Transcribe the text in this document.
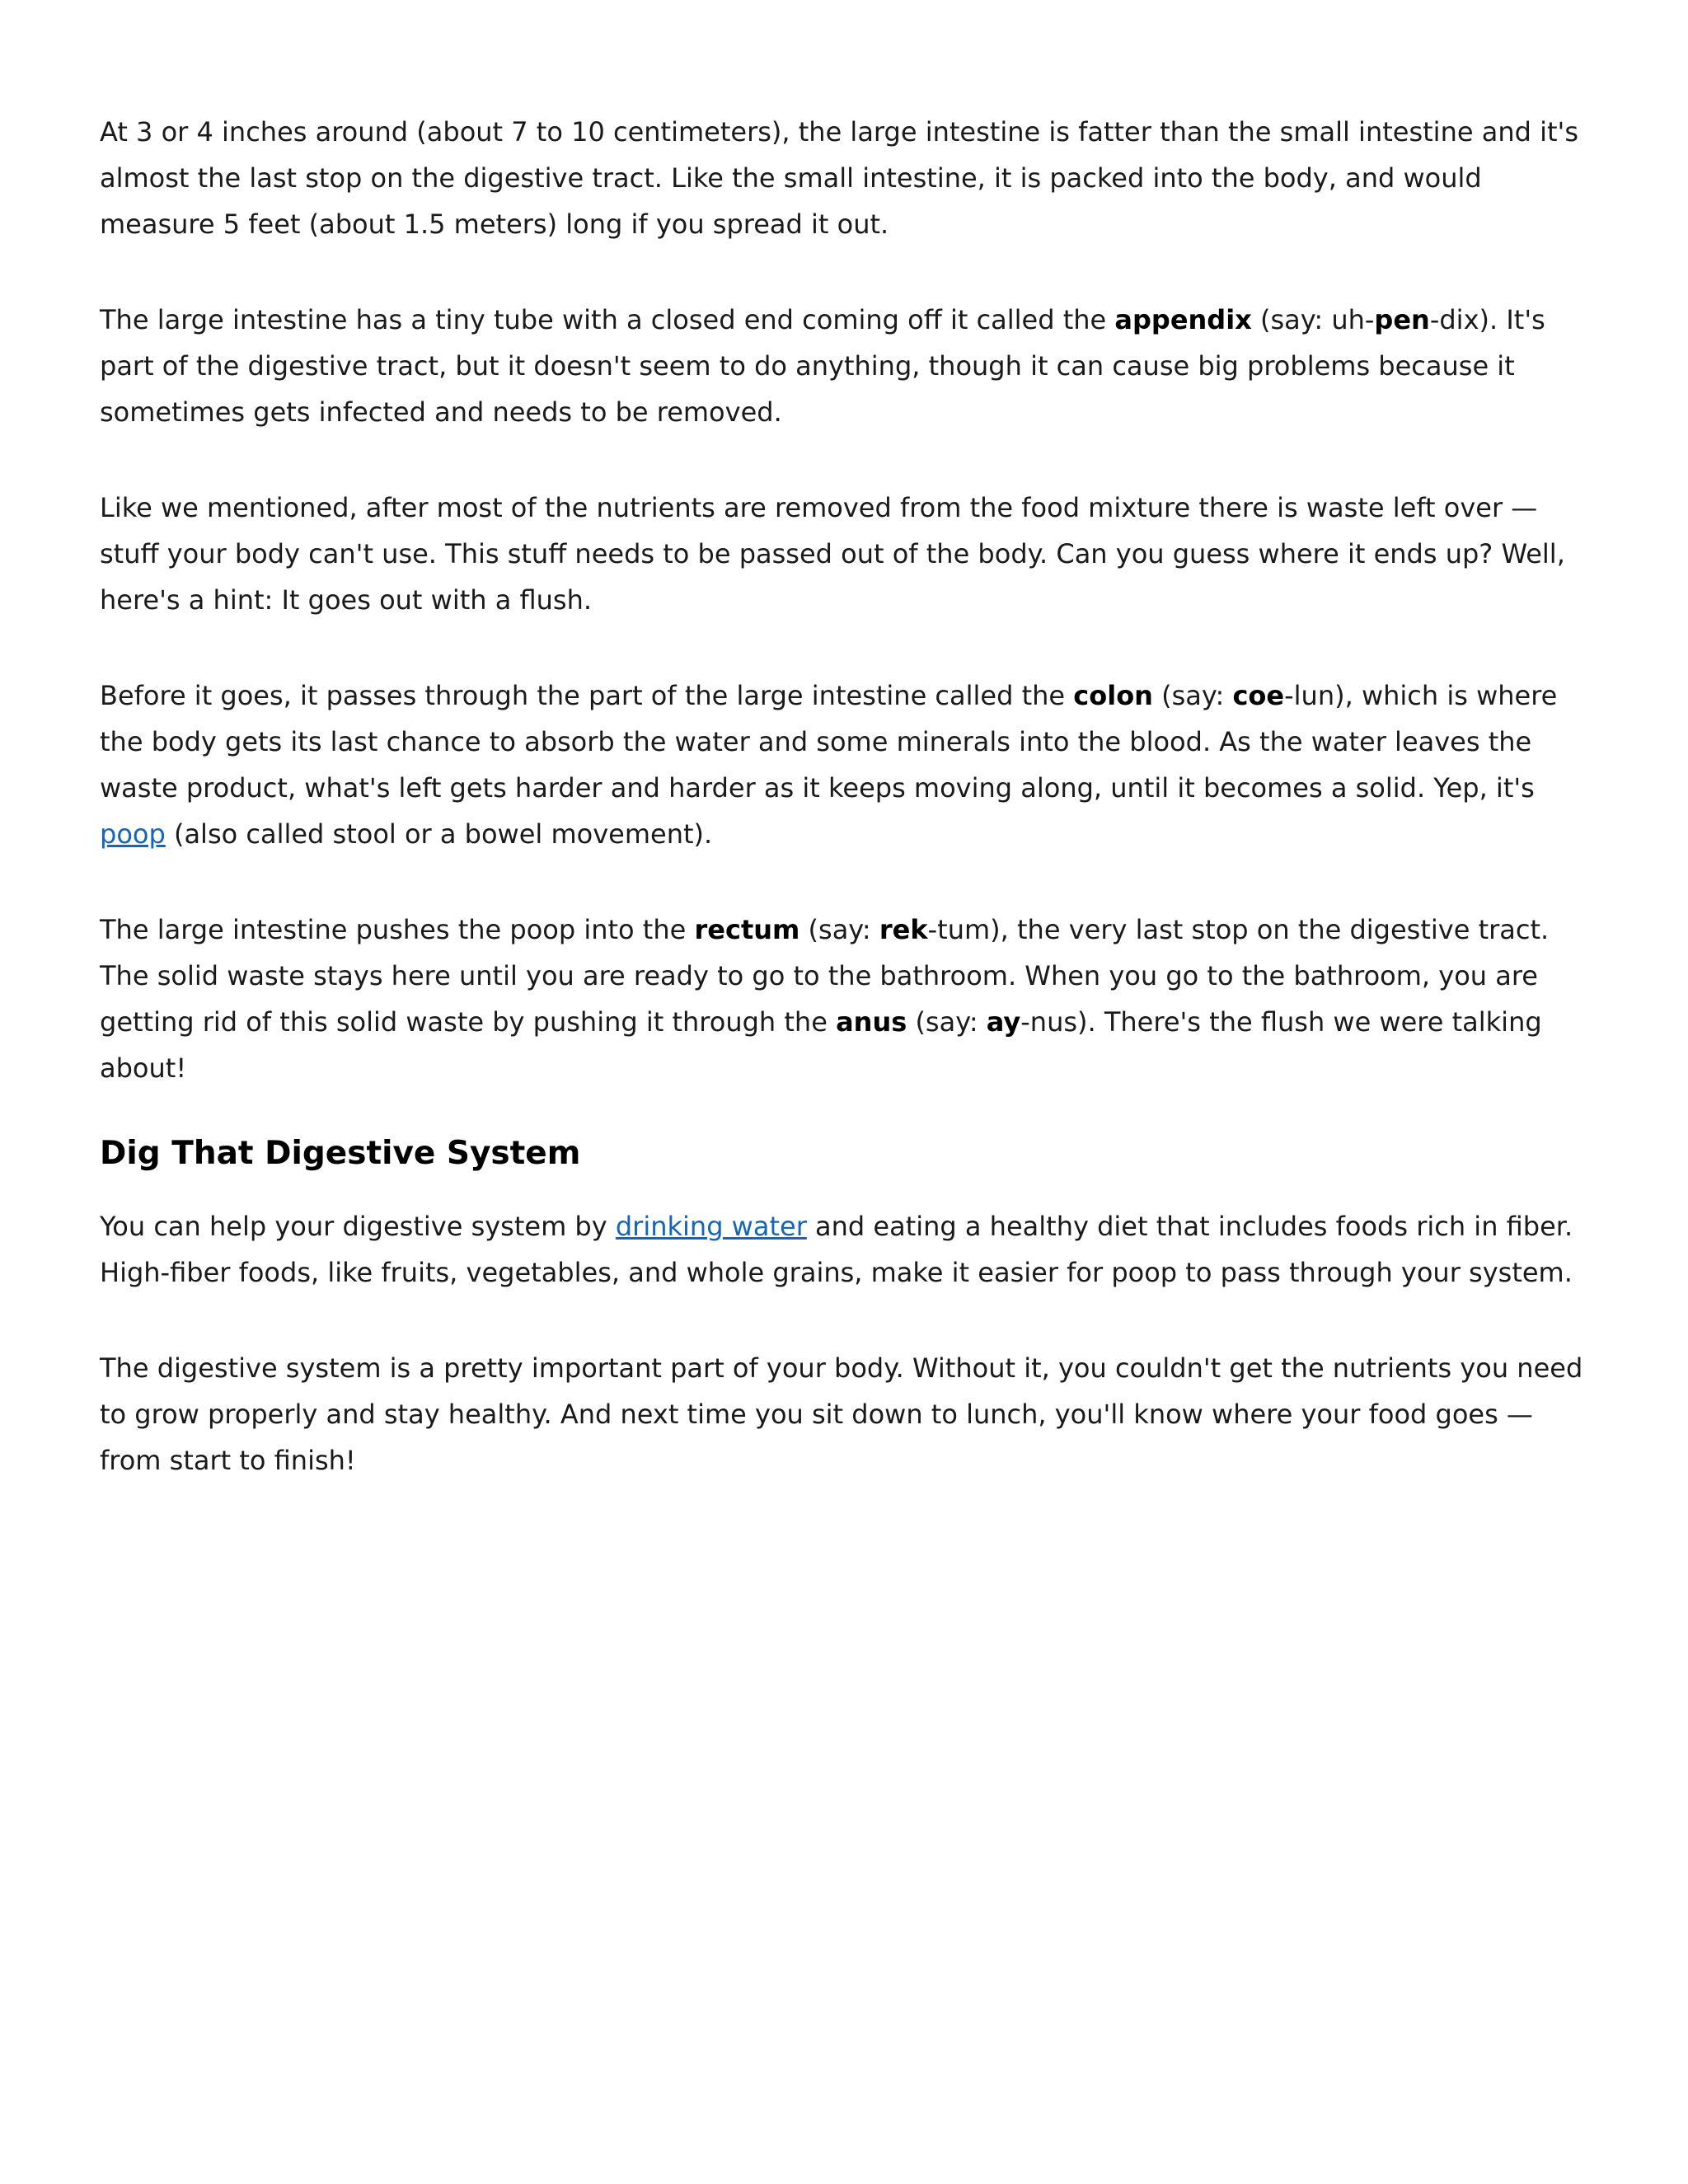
At 3 or 4 inches around (about 7 to 10 centimeters), the large intestine is fatter than the small intestine and it's almost the last stop on the digestive tract. Like the small intestine, it is packed into the body, and would measure 5 feet (about 1.5 meters) long if you spread it out.

The large intestine has a tiny tube with a closed end coming off it called the appendix (say: uh-pen-dix). It's part of the digestive tract, but it doesn't seem to do anything, though it can cause big problems because it sometimes gets infected and needs to be removed.

Like we mentioned, after most of the nutrients are removed from the food mixture there is waste left over — stuff your body can't use. This stuff needs to be passed out of the body. Can you guess where it ends up? Well, here's a hint: It goes out with a flush.

Before it goes, it passes through the part of the large intestine called the colon (say: coe-lun), which is where the body gets its last chance to absorb the water and some minerals into the blood. As the water leaves the waste product, what's left gets harder and harder as it keeps moving along, until it becomes a solid. Yep, it's poop (also called stool or a bowel movement).

The large intestine pushes the poop into the rectum (say: rek-tum), the very last stop on the digestive tract. The solid waste stays here until you are ready to go to the bathroom. When you go to the bathroom, you are getting rid of this solid waste by pushing it through the anus (say: ay-nus). There's the flush we were talking about!

Dig That Digestive System

You can help your digestive system by drinking water and eating a healthy diet that includes foods rich in fiber. High-fiber foods, like fruits, vegetables, and whole grains, make it easier for poop to pass through your system.

The digestive system is a pretty important part of your body. Without it, you couldn't get the nutrients you need to grow properly and stay healthy. And next time you sit down to lunch, you'll know where your food goes — from start to finish!
